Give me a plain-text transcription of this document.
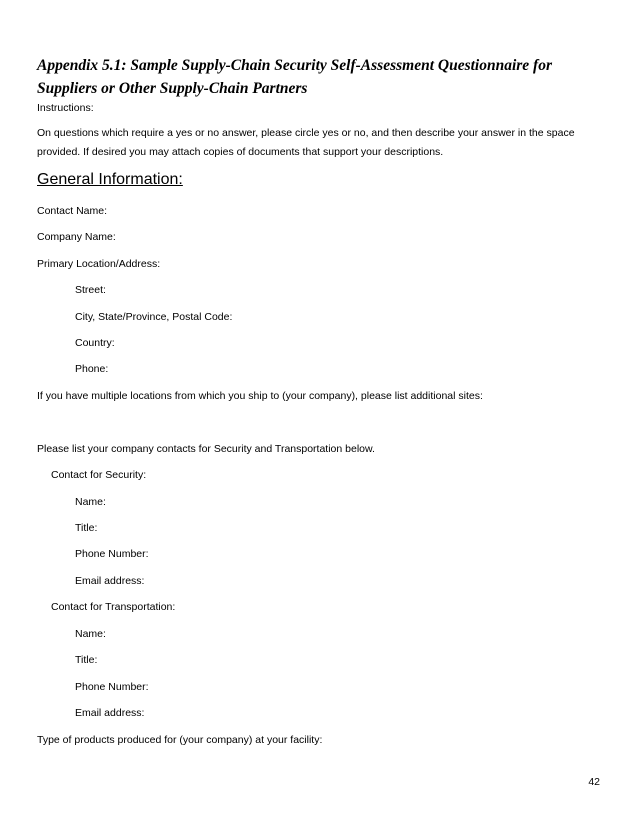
Appendix 5.1: Sample Supply-Chain Security Self-Assessment Questionnaire for
Suppliers or Other Supply-Chain Partners
Instructions:
On questions which require a yes or no answer, please circle yes or no, and then describe your answer in the space
provided. If desired you may attach copies of documents that support your descriptions.
General Information:
Contact Name:
Company Name:
Primary Location/Address:
Street:
City, State/Province, Postal Code:
Country:
Phone:
If you have multiple locations from which you ship to (your company), please list additional sites:
Please list your company contacts for Security and Transportation below.
Contact for Security:
Name:
Title:
Phone Number:
Email address:
Contact for Transportation:
Name:
Title:
Phone Number:
Email address:
Type of products produced for (your company) at your facility:
42
